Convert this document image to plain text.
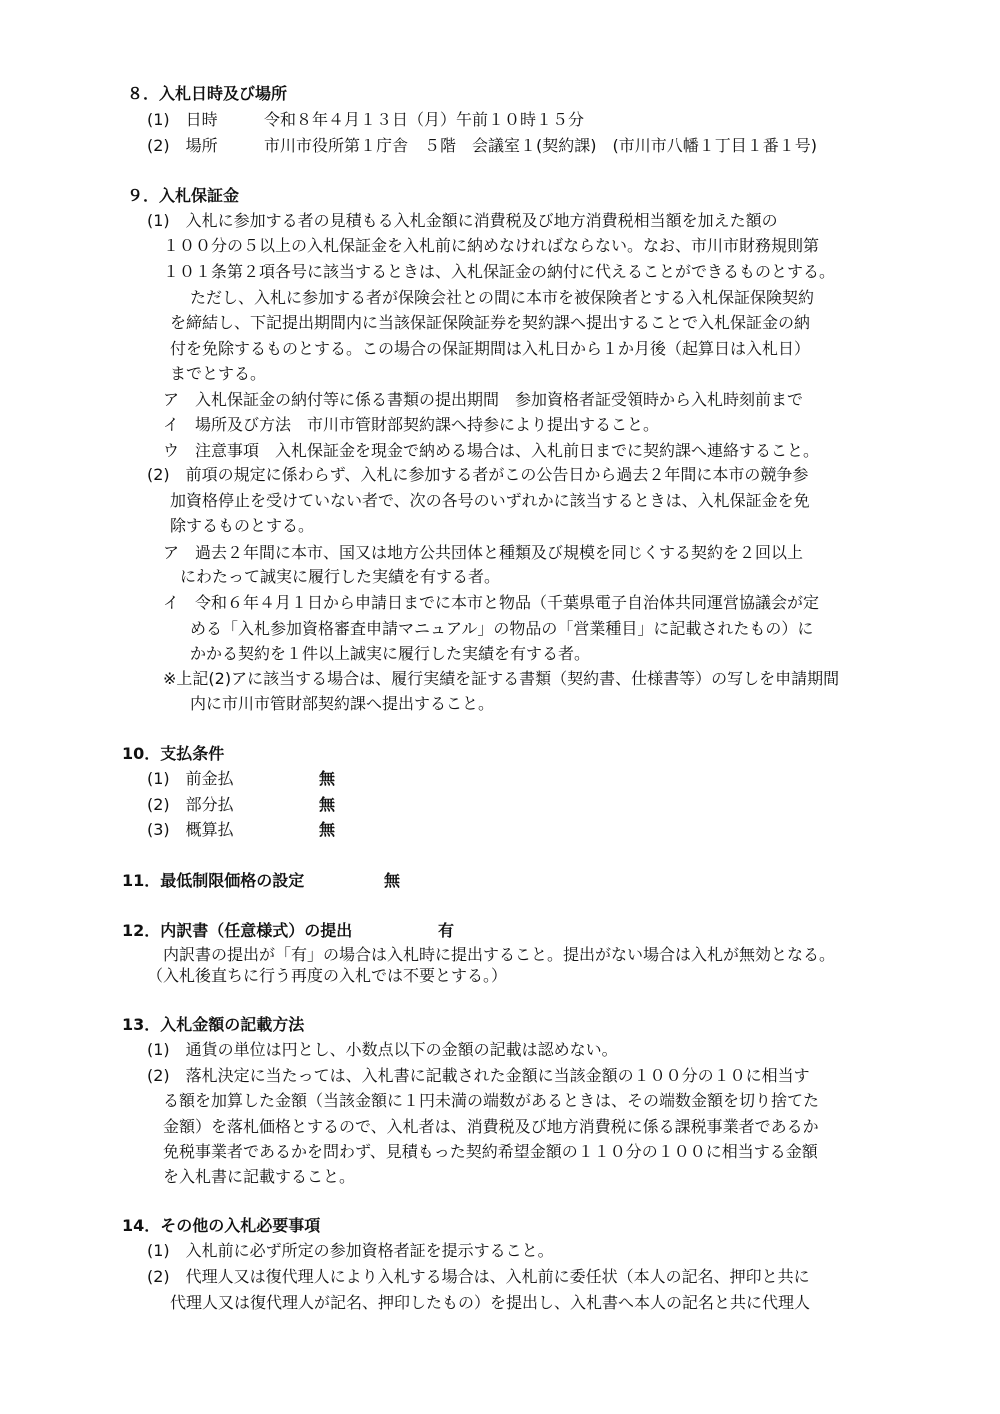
８．入札日時及び場所
(1)　日時	令和８年４月１３日（月）午前１０時１５分
(2)　場所	市川市役所第１庁舎　５階　会議室１(契約課)　(市川市八幡１丁目１番１号)
９．入札保証金
(1)　入札に参加する者の見積もる入札金額に消費税及び地方消費税相当額を加えた額の
１００分の５以上の入札保証金を入札前に納めなければならない。なお、市川市財務規則第
１０１条第２項各号に該当するときは、入札保証金の納付に代えることができるものとする。
ただし、入札に参加する者が保険会社との間に本市を被保険者とする入札保証保険契約
を締結し、下記提出期間内に当該保証保険証券を契約課へ提出することで入札保証金の納
付を免除するものとする。この場合の保証期間は入札日から１か月後（起算日は入札日）
までとする。
ア　入札保証金の納付等に係る書類の提出期間　参加資格者証受領時から入札時刻前まで
イ　場所及び方法　市川市管財部契約課へ持参により提出すること。
ウ　注意事項　入札保証金を現金で納める場合は、入札前日までに契約課へ連絡すること。
(2)　前項の規定に係わらず、入札に参加する者がこの公告日から過去２年間に本市の競争参
加資格停止を受けていない者で、次の各号のいずれかに該当するときは、入札保証金を免
除するものとする。
ア　過去２年間に本市、国又は地方公共団体と種類及び規模を同じくする契約を２回以上
にわたって誠実に履行した実績を有する者。
イ　令和６年４月１日から申請日までに本市と物品（千葉県電子自治体共同運営協議会が定
める「入札参加資格審査申請マニュアル」の物品の「営業種目」に記載されたもの）に
かかる契約を１件以上誠実に履行した実績を有する者。
※上記(2)アに該当する場合は、履行実績を証する書類（契約書、仕様書等）の写しを申請期間
内に市川市管財部契約課へ提出すること。
10．支払条件
(1)　前金払	無
(2)　部分払	無
(3)　概算払	無
11．最低制限価格の設定	無
12．内訳書（任意様式）の提出	有
内訳書の提出が「有」の場合は入札時に提出すること。提出がない場合は入札が無効となる。
（入札後直ちに行う再度の入札では不要とする。）
13．入札金額の記載方法
(1)　通貨の単位は円とし、小数点以下の金額の記載は認めない。
(2)　落札決定に当たっては、入札書に記載された金額に当該金額の１００分の１０に相当す
る額を加算した金額（当該金額に１円未満の端数があるときは、その端数金額を切り捨てた
金額）を落札価格とするので、入札者は、消費税及び地方消費税に係る課税事業者であるか
免税事業者であるかを問わず、見積もった契約希望金額の１１０分の１００に相当する金額
を入札書に記載すること。
14．その他の入札必要事項
(1)　入札前に必ず所定の参加資格者証を提示すること。
(2)　代理人又は復代理人により入札する場合は、入札前に委任状（本人の記名、押印と共に
代理人又は復代理人が記名、押印したもの）を提出し、入札書へ本人の記名と共に代理人
